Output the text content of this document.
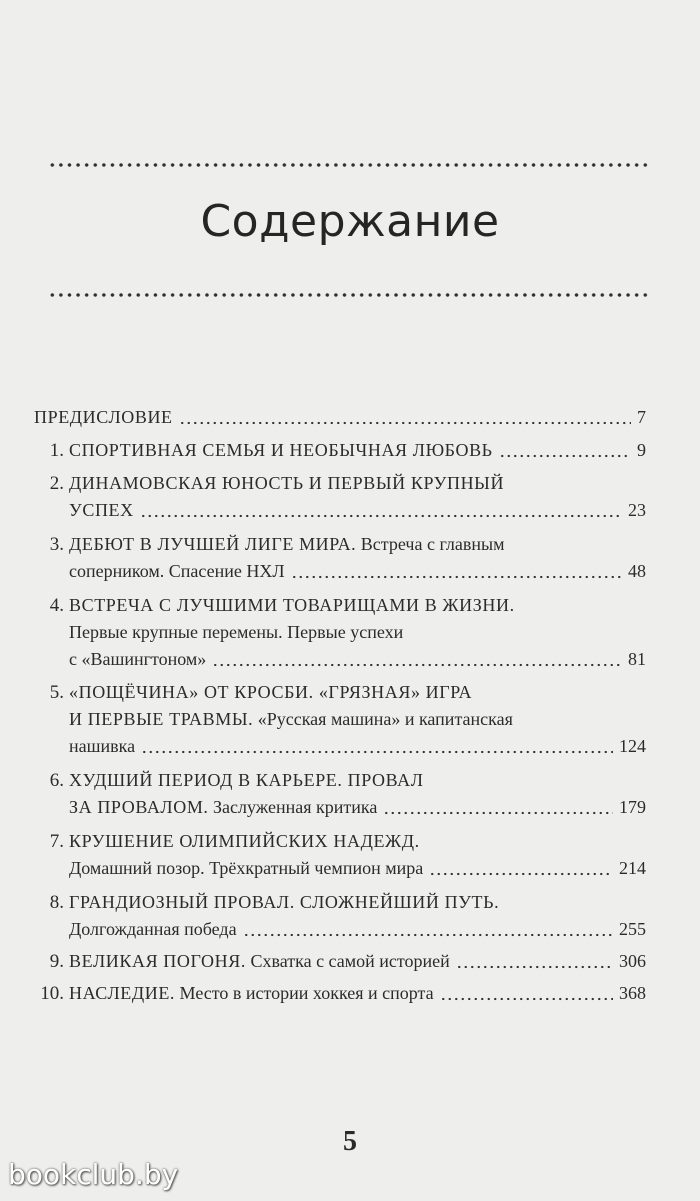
Содержание
ПРЕДИСЛОВИЕ	7
1. СПОРТИВНАЯ СЕМЬЯ И НЕОБЫЧНАЯ ЛЮБОВЬ	9
2. ДИНАМОВСКАЯ ЮНОСТЬ И ПЕРВЫЙ КРУПНЫЙ
УСПЕХ	23
3. ДЕБЮТ В ЛУЧШЕЙ ЛИГЕ МИРА. Встреча с главным
соперником. Спасение НХЛ	48
4. ВСТРЕЧА С ЛУЧШИМИ ТОВАРИЩАМИ В ЖИЗНИ.
Первые крупные перемены. Первые успехи
с «Вашингтоном»	81
5. «ПОЩЁЧИНА» ОТ КРОСБИ. «ГРЯЗНАЯ» ИГРА
И ПЕРВЫЕ ТРАВМЫ. «Русская машина» и капитанская
нашивка	124
6. ХУДШИЙ ПЕРИОД В КАРЬЕРЕ. ПРОВАЛ
ЗА ПРОВАЛОМ. Заслуженная критика	179
7. КРУШЕНИЕ ОЛИМПИЙСКИХ НАДЕЖД.
Домашний позор. Трёхкратный чемпион мира	214
8. ГРАНДИОЗНЫЙ ПРОВАЛ. СЛОЖНЕЙШИЙ ПУТЬ.
Долгожданная победа	255
9. ВЕЛИКАЯ ПОГОНЯ. Схватка с самой историей	306
10. НАСЛЕДИЕ. Место в истории хоккея и спорта	368
5
bookclub.by
